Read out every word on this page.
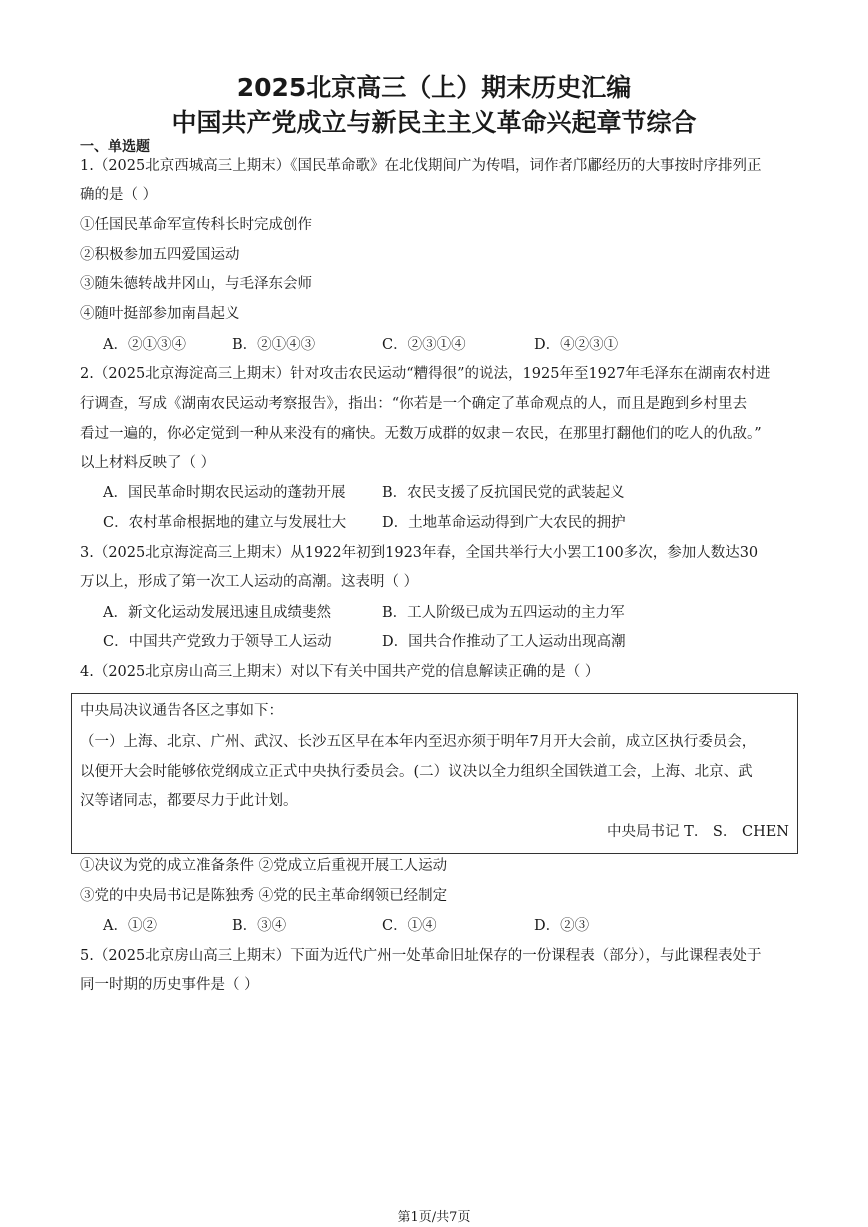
2025北京高三（上）期末历史汇编
中国共产党成立与新民主主义革命兴起章节综合
一、单选题
1.（2025北京西城高三上期末）《国民革命歌》在北伐期间广为传唱，词作者邝鄘经历的大事按时序排列正
确的是（ ）
①任国民革命军宣传科长时完成创作
②积极参加五四爱国运动
③随朱德转战井冈山，与毛泽东会师
④随叶挺部参加南昌起义
A．②①③④	B．②①④③	C．②③①④	D．④②③①
2.（2025北京海淀高三上期末）针对攻击农民运动“糟得很”的说法，1925年至1927年毛泽东在湖南农村进
行调查，写成《湖南农民运动考察报告》，指出：“你若是一个确定了革命观点的人，而且是跑到乡村里去
看过一遍的，你必定觉到一种从来没有的痛快。无数万成群的奴隶－农民，在那里打翻他们的吃人的仇敌。”
以上材料反映了（ ）
A．国民革命时期农民运动的蓬勃开展	B．农民支援了反抗国民党的武装起义
C．农村革命根据地的建立与发展壮大 D．土地革命运动得到广大农民的拥护
3.（2025北京海淀高三上期末）从1922年初到1923年春，全国共举行大小罢工100多次，参加人数达30
万以上，形成了第一次工人运动的高潮。这表明（ ）
A．新文化运动发展迅速且成绩斐然	B．工人阶级已成为五四运动的主力军
C．中国共产党致力于领导工人运动	D．国共合作推动了工人运动出现高潮
4.（2025北京房山高三上期末）对以下有关中国共产党的信息解读正确的是（ ）
中央局决议通告各区之事如下：
（一）上海、北京、广州、武汉、长沙五区早在本年内至迟亦须于明年7月开大会前，成立区执行委员会，
以便开大会时能够依党纲成立正式中央执行委员会。(二）议决以全力组织全国铁道工会，上海、北京、武
汉等诸同志，都要尽力于此计划。
中央局书记 T． S． CHEN
①决议为党的成立准备条件 ②党成立后重视开展工人运动
③党的中央局书记是陈独秀 ④党的民主革命纲领已经制定
A．①②	B．③④	C．①④	D．②③
5.（2025北京房山高三上期末）下面为近代广州一处革命旧址保存的一份课程表（部分），与此课程表处于
同一时期的历史事件是（ ）
第1页/共7页
